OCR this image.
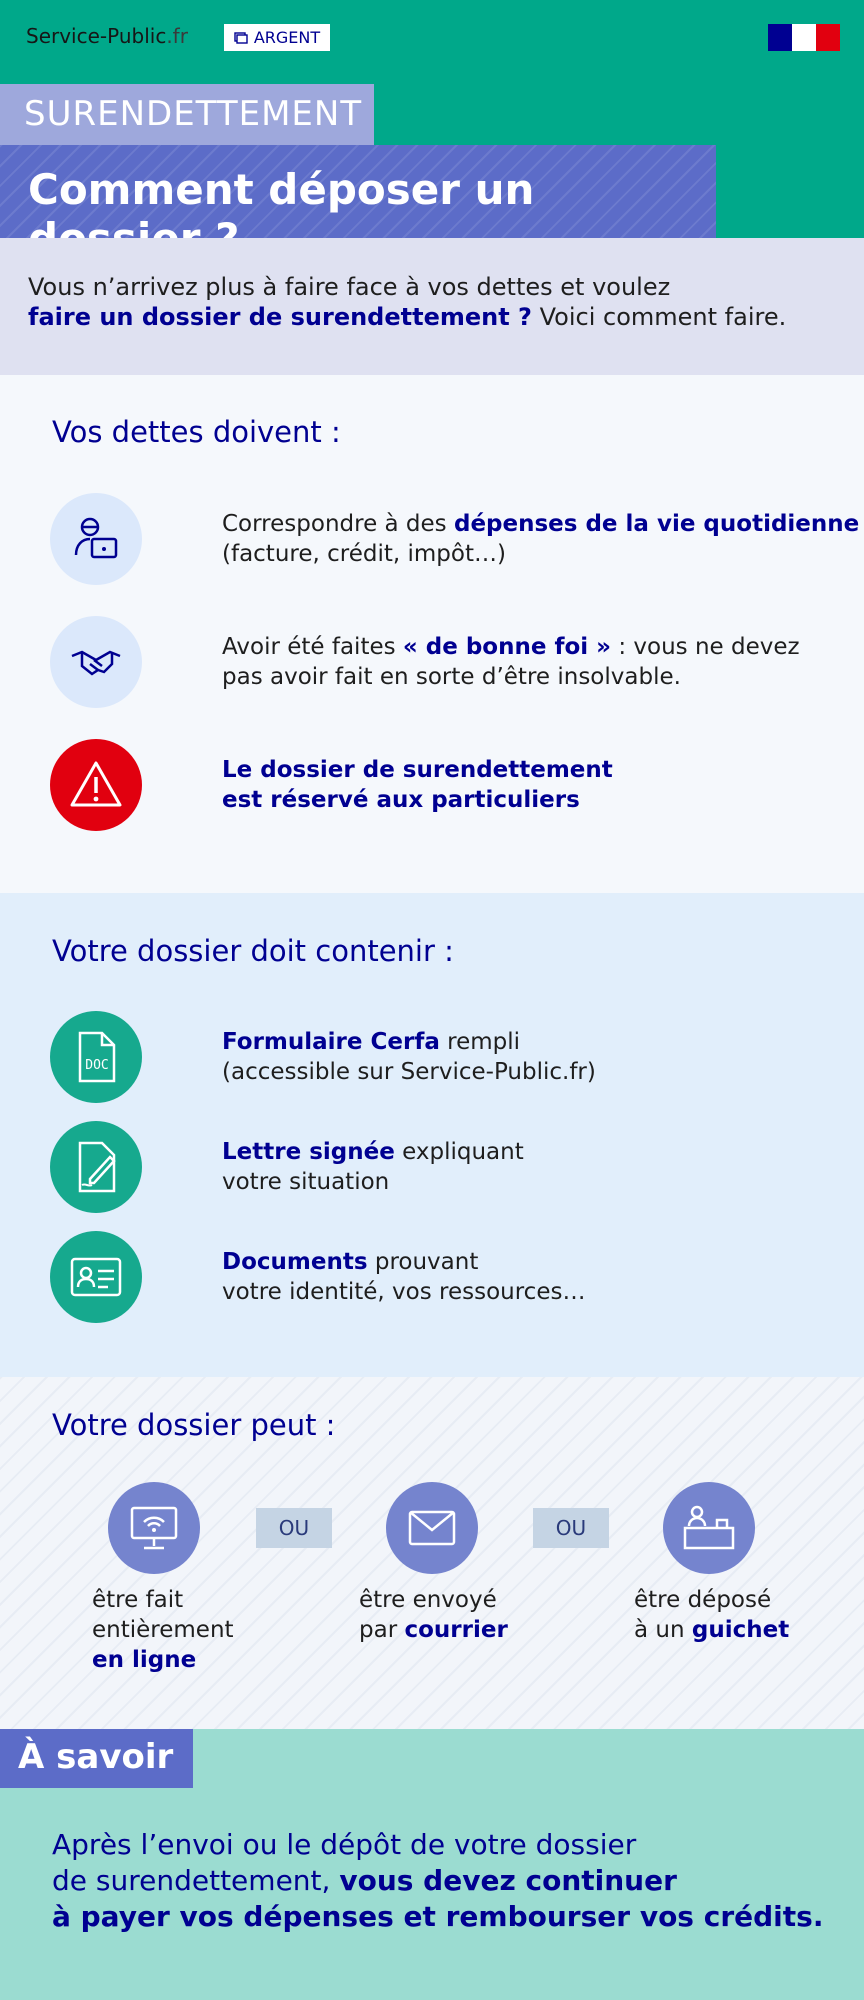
Service-Public.fr	ARGENT
SURENDETTEMENT
Comment déposer un
Vous n’arrivez plus à faire face à vos dettes et voulez
faire un dossier de surendettement ? Voici comment faire.
Vos dettes doivent :
Correspondre à des dépenses de la vie quotidienne (facture, crédit, impôt…)
Avoir été faites « de bonne foi » : vous ne devez pas avoir fait en sorte d’être insolvable.
Le dossier de surendettement
est réservé aux particuliers
Votre dossier doit contenir :
DOC
Formulaire Cerfa rempli
(accessible sur Service-Public.fr)
Lettre signée expliquant
votre situation
Documents prouvant
votre identité, vos ressources…
Votre dossier peut :
OU	OU
être fait
entièrement
en ligne
être envoyé
par courrier
être déposé
à un guichet
À savoir
Après l’envoi ou le dépôt de votre dossier
de surendettement, vous devez continuer
à payer vos dépenses et rembourser vos crédits.
